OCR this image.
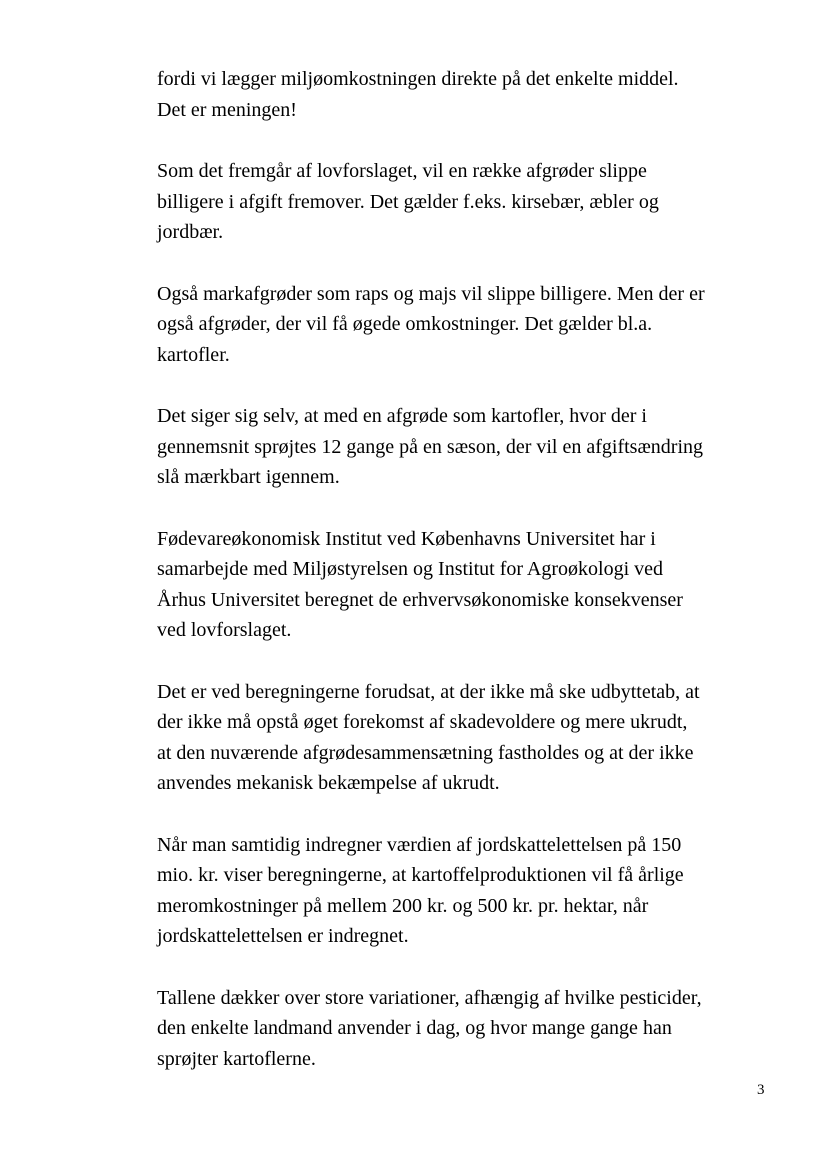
fordi vi lægger miljøomkostningen direkte på det enkelte middel.
Det er meningen!

Som det fremgår af lovforslaget, vil en række afgrøder slippe
billigere i afgift fremover. Det gælder f.eks. kirsebær, æbler og
jordbær.

Også markafgrøder som raps og majs vil slippe billigere. Men der er
også afgrøder, der vil få øgede omkostninger. Det gælder bl.a.
kartofler.

Det siger sig selv, at med en afgrøde som kartofler, hvor der i
gennemsnit sprøjtes 12 gange på en sæson, der vil en afgiftsændring
slå mærkbart igennem.

Fødevareøkonomisk Institut ved Københavns Universitet har i
samarbejde med Miljøstyrelsen og Institut for Agroøkologi ved
Århus Universitet beregnet de erhvervsøkonomiske konsekvenser
ved lovforslaget.

Det er ved beregningerne forudsat, at der ikke må ske udbyttetab, at
der ikke må opstå øget forekomst af skadevoldere og mere ukrudt,
at den nuværende afgrødesammensætning fastholdes og at der ikke
anvendes mekanisk bekæmpelse af ukrudt.

Når man samtidig indregner værdien af jordskattelettelsen på 150
mio. kr. viser beregningerne, at kartoffelproduktionen vil få årlige
meromkostninger på mellem 200 kr. og 500 kr. pr. hektar, når
jordskattelettelsen er indregnet.

Tallene dækker over store variationer, afhængig af hvilke pesticider,
den enkelte landmand anvender i dag, og hvor mange gange han
sprøjter kartoflerne.

3
